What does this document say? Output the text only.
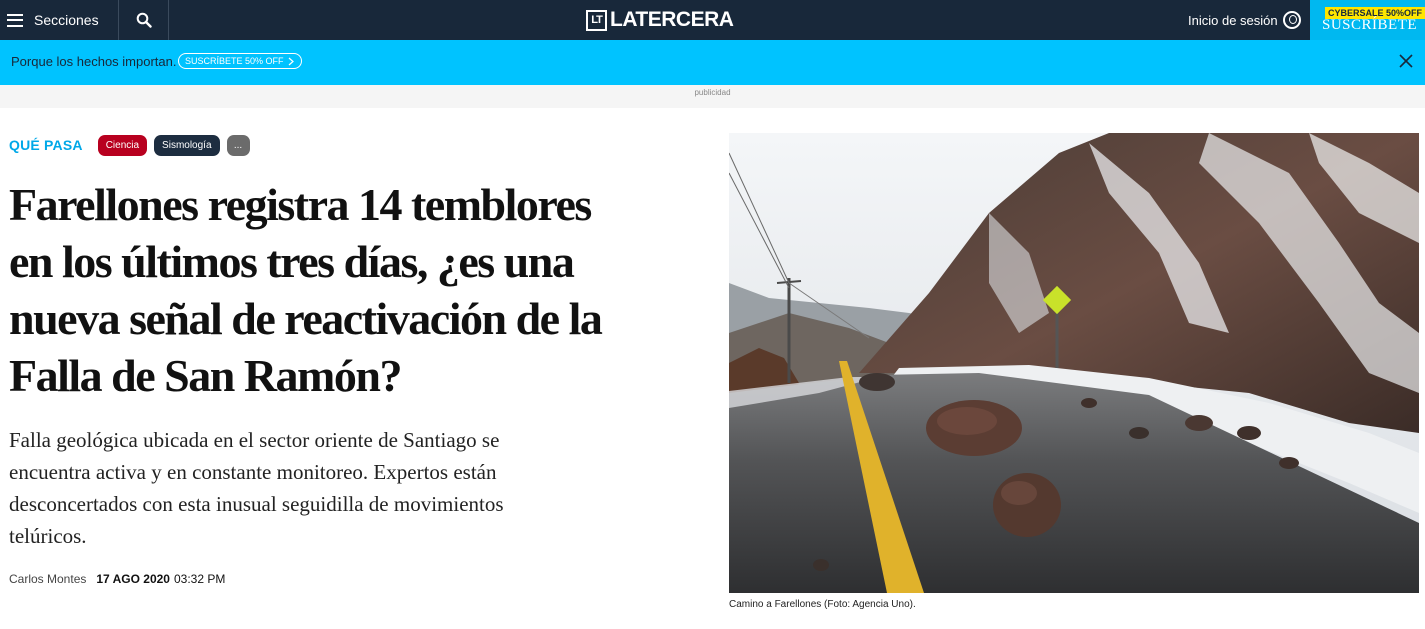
Secciones	LT LATERCERA	Inicio de sesión	CYBERSALE 50%OFF
SUSCRÍBETE
Porque los hechos importan. SUSCRÍBETE 50% OFF
publicidad
QUÉ PASA	Ciencia	Sismología	...
Farellones registra 14 temblores en los últimos tres días, ¿es una nueva señal de reactivación de la Falla de San Ramón?

Falla geológica ubicada en el sector oriente de Santiago se encuentra activa y en constante monitoreo. Expertos están desconcertados con esta inusual seguidilla de movimientos telúricos.

Carlos Montes 17 AGO 2020 03:32 PM
Camino a Farellones (Foto: Agencia Uno).
